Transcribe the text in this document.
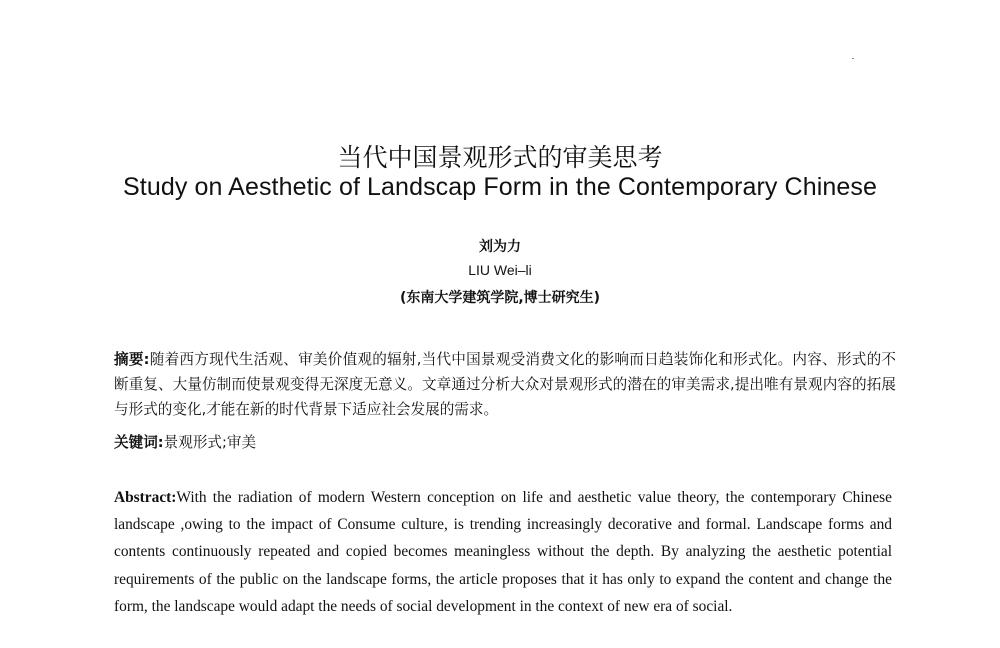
当代中国景观形式的审美思考
Study on Aesthetic of Landscap Form in the Contemporary Chinese
刘为力
LIU Wei–li
(东南大学建筑学院,博士研究生)
摘要:随着西方现代生活观、审美价值观的辐射,当代中国景观受消费文化的影响而日趋装饰化和形式化。内容、形式的不断重复、大量仿制而使景观变得无深度无意义。文章通过分析大众对景观形式的潜在的审美需求,提出唯有景观内容的拓展与形式的变化,才能在新的时代背景下适应社会发展的需求。
关键词:景观形式;审美
Abstract:With the radiation of modern Western conception on life and aesthetic value theory, the contemporary Chinese landscape ,owing to the impact of Consume culture, is trending increasingly decorative and formal. Landscape forms and contents continuously repeated and copied becomes meaningless without the depth. By analyzing the aesthetic potential requirements of the public on the landscape forms, the article proposes that it has only to expand the content and change the form, the landscape would adapt the needs of social development in the context of new era of social.
